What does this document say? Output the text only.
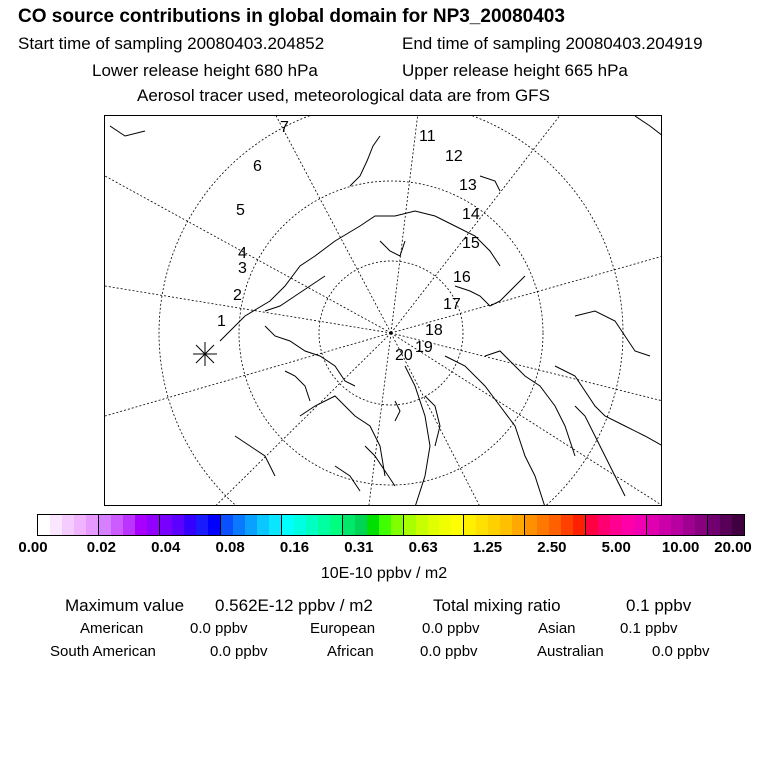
CO source contributions in global domain for NP3_20080403
Start time of sampling 20080403.204852	End time of sampling 20080403.204919
Lower release height 680 hPa	Upper release height 665 hPa
Aerosol tracer used, meteorological data are from GFS
1
2
3
4
5
6
7
11
12
13
14
15
16
17
18
19
20
0.00	0.02 0.04 0.08 0.16 0.31 0.63 1.25 2.50 5.00 10.00 20.00
10E-10 ppbv / m2
Maximum value 0.562E-12 ppbv / m2	Total mixing ratio	0.1 ppbv
American	0.0 ppbv	European	0.0 ppbv	Asian	0.1 ppbv
South American	0.0 ppbv	African	0.0 ppbv	Australian	0.0 ppbv
